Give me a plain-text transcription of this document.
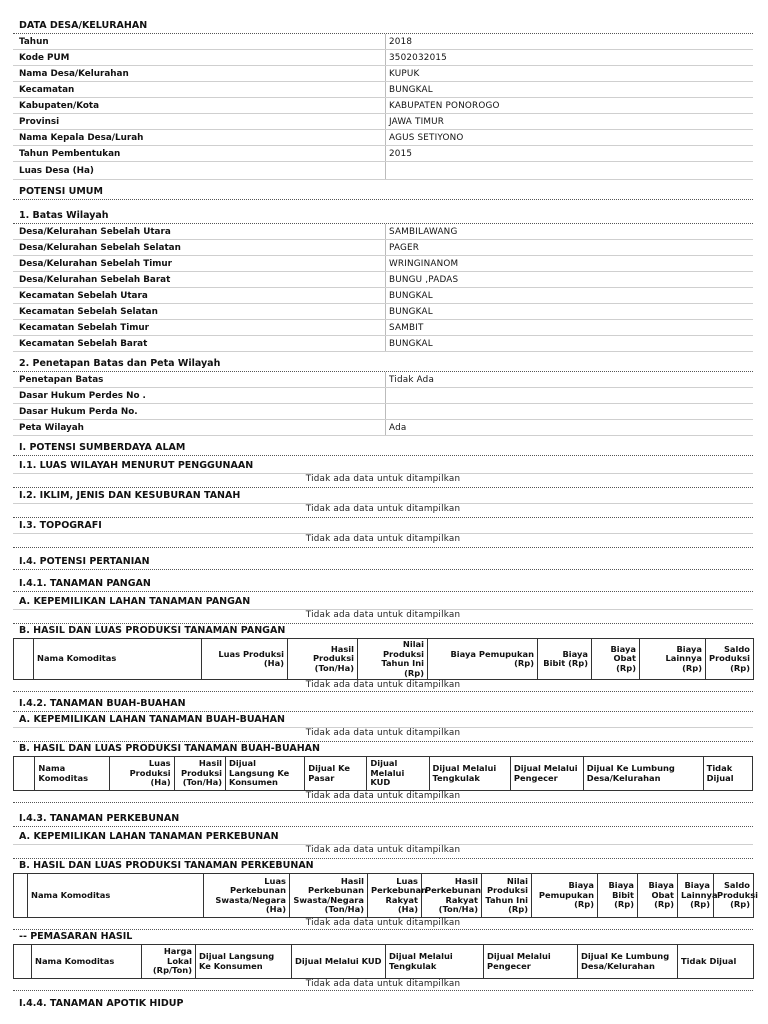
DATA DESA/KELURAHAN
Tahun	2018
Kode PUM	3502032015
Nama Desa/Kelurahan	KUPUK
Kecamatan	BUNGKAL
Kabupaten/Kota	KABUPATEN PONOROGO
Provinsi	JAWA TIMUR
Nama Kepala Desa/Lurah	AGUS SETIYONO
Tahun Pembentukan	2015
Luas Desa (Ha)
POTENSI UMUM
1. Batas Wilayah
Desa/Kelurahan Sebelah Utara	SAMBILAWANG
Desa/Kelurahan Sebelah Selatan	PAGER
Desa/Kelurahan Sebelah Timur	WRINGINANOM
Desa/Kelurahan Sebelah Barat	BUNGU ,PADAS
Kecamatan Sebelah Utara	BUNGKAL
Kecamatan Sebelah Selatan	BUNGKAL
Kecamatan Sebelah Timur	SAMBIT
Kecamatan Sebelah Barat	BUNGKAL
2. Penetapan Batas dan Peta Wilayah
Penetapan Batas	Tidak Ada
Dasar Hukum Perdes No .
Dasar Hukum Perda No.
Peta Wilayah	Ada
I. POTENSI SUMBERDAYA ALAM
I.1. LUAS WILAYAH MENURUT PENGGUNAAN
Tidak ada data untuk ditampilkan
I.2. IKLIM, JENIS DAN KESUBURAN TANAH
Tidak ada data untuk ditampilkan
I.3. TOPOGRAFI
Tidak ada data untuk ditampilkan
I.4. POTENSI PERTANIAN
I.4.1. TANAMAN PANGAN
A. KEPEMILIKAN LAHAN TANAMAN PANGAN
Tidak ada data untuk ditampilkan
B. HASIL DAN LUAS PRODUKSI TANAMAN PANGAN
	Nama Komoditas	Luas Produksi (Ha)	Hasil Produksi (Ton/Ha)	Nilai Produksi Tahun Ini (Rp)	Biaya Pemupukan (Rp)	Biaya Bibit (Rp)	Biaya Obat (Rp)	Biaya Lainnya (Rp)	Saldo Produksi (Rp)
Tidak ada data untuk ditampilkan
I.4.2. TANAMAN BUAH-BUAHAN
A. KEPEMILIKAN LAHAN TANAMAN BUAH-BUAHAN
Tidak ada data untuk ditampilkan
B. HASIL DAN LUAS PRODUKSI TANAMAN BUAH-BUAHAN
	Nama Komoditas	Luas Produksi (Ha)	Hasil Produksi (Ton/Ha)	Dijual Langsung Ke Konsumen	Dijual Ke Pasar	Dijual Melalui KUD	Dijual Melalui Tengkulak	Dijual Melalui Pengecer	Dijual Ke Lumbung Desa/Kelurahan	Tidak Dijual
Tidak ada data untuk ditampilkan
I.4.3. TANAMAN PERKEBUNAN
A. KEPEMILIKAN LAHAN TANAMAN PERKEBUNAN
Tidak ada data untuk ditampilkan
B. HASIL DAN LUAS PRODUKSI TANAMAN PERKEBUNAN
	Nama Komoditas	Luas Perkebunan Swasta/Negara (Ha)	Hasil Perkebunan Swasta/Negara (Ton/Ha)	Luas Perkebunan Rakyat (Ha)	Hasil Perkebunan Rakyat (Ton/Ha)	Nilai Produksi Tahun Ini (Rp)	Biaya Pemupukan (Rp)	Biaya Bibit (Rp)	Biaya Obat (Rp)	Biaya Lainnya (Rp)	Saldo Produksi (Rp)
Tidak ada data untuk ditampilkan
-- PEMASARAN HASIL
	Nama Komoditas	Harga Lokal (Rp/Ton)	Dijual Langsung Ke Konsumen	Dijual Melalui KUD	Dijual Melalui Tengkulak	Dijual Melalui Pengecer	Dijual Ke Lumbung Desa/Kelurahan	Tidak Dijual
Tidak ada data untuk ditampilkan
I.4.4. TANAMAN APOTIK HIDUP
